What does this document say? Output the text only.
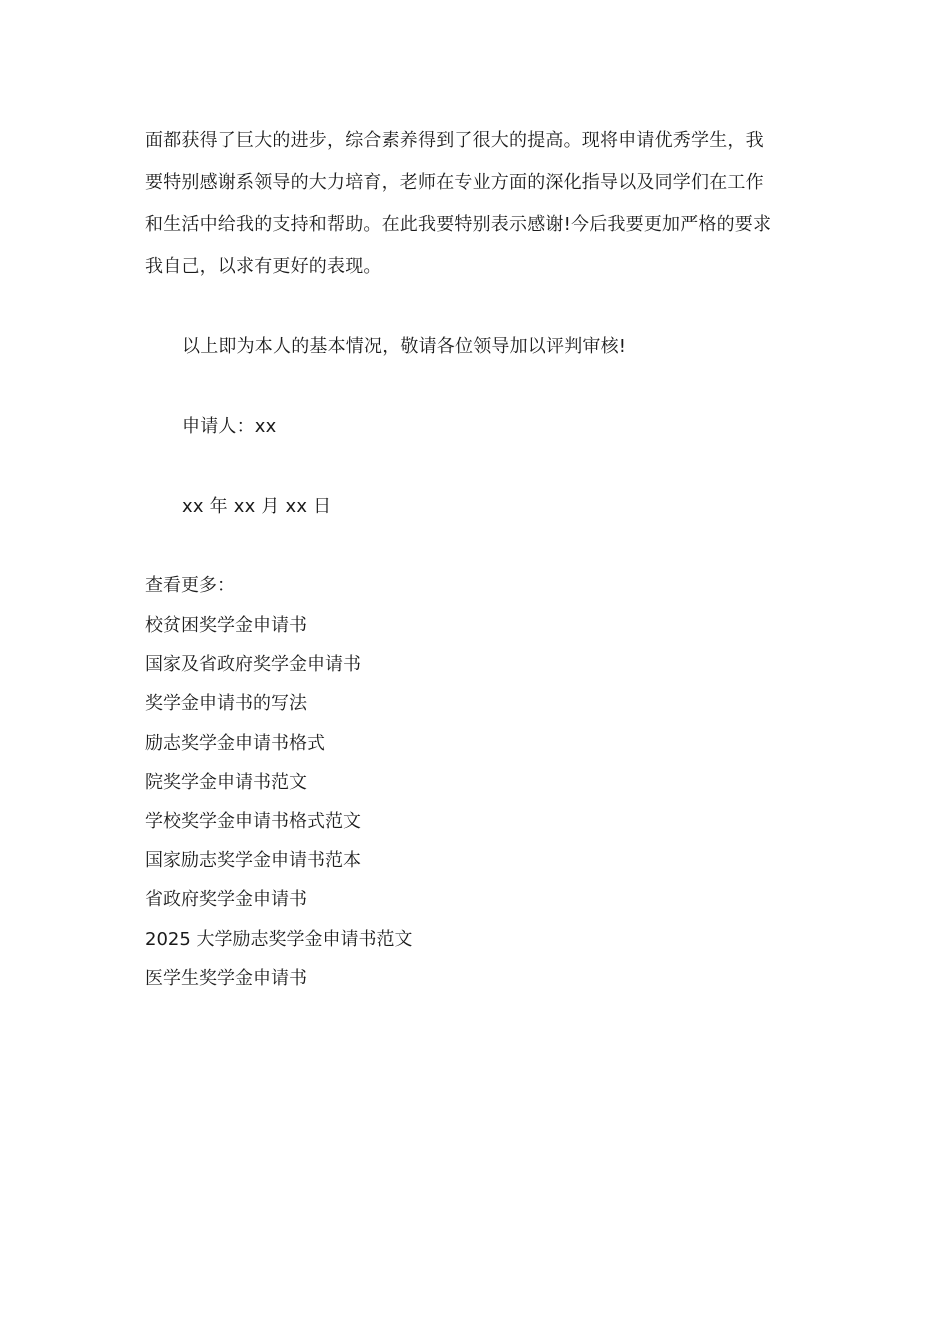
面都获得了巨大的进步，综合素养得到了很大的提高。现将申请优秀学生，我
要特别感谢系领导的大力培育，老师在专业方面的深化指导以及同学们在工作
和生活中给我的支持和帮助。在此我要特别表示感谢!今后我要更加严格的要求
我自己，以求有更好的表现。
以上即为本人的基本情况，敬请各位领导加以评判审核!
申请人：xx
xx 年 xx 月 xx 日
查看更多：
校贫困奖学金申请书
国家及省政府奖学金申请书
奖学金申请书的写法
励志奖学金申请书格式
院奖学金申请书范文
学校奖学金申请书格式范文
国家励志奖学金申请书范本
省政府奖学金申请书
2025 大学励志奖学金申请书范文
医学生奖学金申请书
